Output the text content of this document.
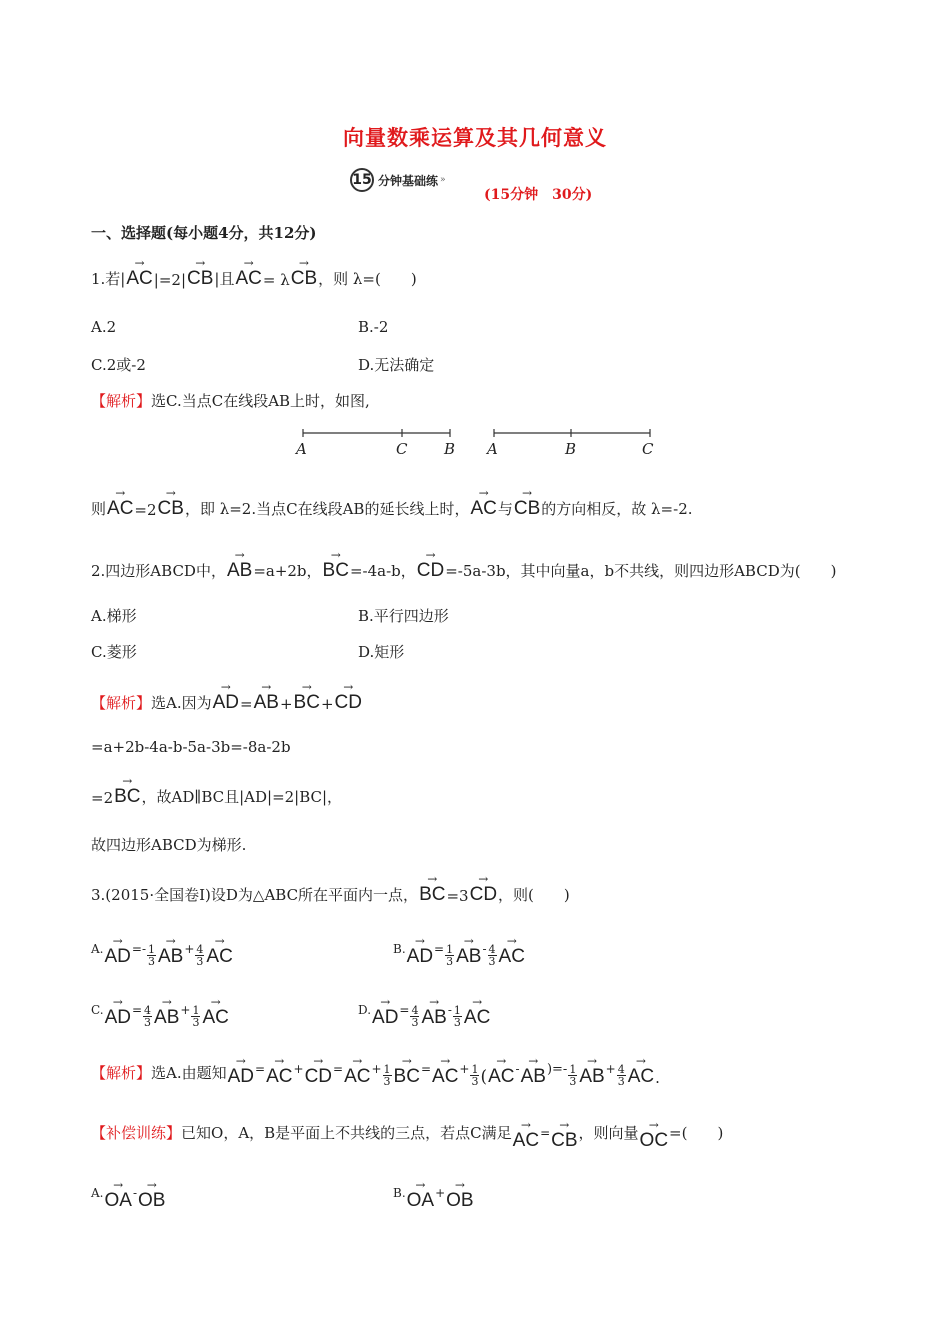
向量数乘运算及其几何意义
15 分钟基础练 »
(15分钟　30分)
一、选择题(每小题4分，共12分)
1.若|
→
AC |=2|
→
CB |且
→
AC = λ
→
CB ，则 λ=(　　)
A.2	B.-2
C.2或-2	D.无法确定
【解析】选C.当点C在线段AB上时，如图,
A	C B A	B	C
则
→
AC =2
→
CB ，即 λ=2.当点C在线段AB的延长线上时，
→
AC 与
→
CB 的方向相反，故 λ=-2.
2.四边形ABCD中，
→
AB =a+2b，
→
BC =-4a-b，
→
CD =-5a-3b，其中向量a，b不共线，则四边形ABCD为(　　)
A.梯形	B.平行四边形
C.菱形	D.矩形
【解析】 选A.因为
→
AD =
→
AB +
→
BC +
→
CD
=a+2b-4a-b-5a-3b=-8a-2b
=2
→
BC ，故AD∥BC且|AD|=2|BC|，
故四边形ABCD为梯形.
3.(2015·全国卷Ⅰ)设D为△ABC所在平面内一点，
→
BC =3
→
CD ，则(　　)
A.
→
AD =- $\frac{1}{3}$
→
AB + $\frac{4}{3}$
→
AC	B.
→
AD = $\frac{1}{3}$
→
AB - $\frac{4}{3}$
→
AC
C.
→
AD = $\frac{4}{3}$
→
AB + $\frac{1}{3}$
→
AC	D.
→
AD = $\frac{4}{3}$
→
AB - $\frac{1}{3}$
→
AC
【解析】 选A.由题知
→
AD =
→
AC +
→
CD =
→
AC + $\frac{1}{3}$
→
BC =
→
AC + $\frac{1}{3}$ (
→
AC -
→
AB )=- $\frac{1}{3}$
→
AB + $\frac{4}{3}$
→
AC .
【补偿训练】 已知O，A，B是平面上不共线的三点，若点C满足 →
AC =
→
CB ，则向量 →
OC =(　　)
A.
→
OA -
→
OB	B.
→
OA +
→
OB
